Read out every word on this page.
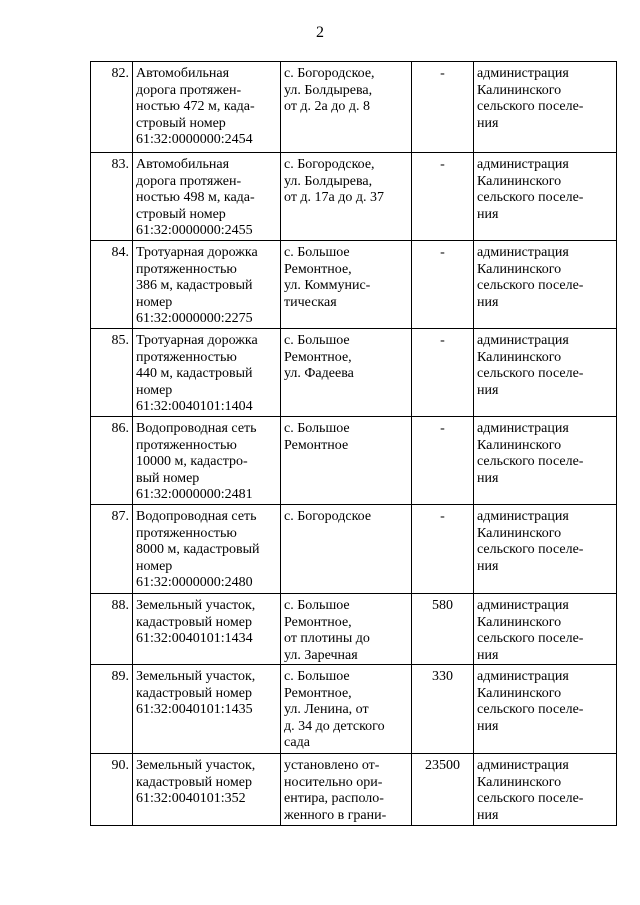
2
82.	Автомобильная
дорога протяжен-
ностью 472 м, када-
стровый номер
61:32:0000000:2454	с. Богородское,
ул. Болдырева,
от д. 2а до д. 8	-	администрация
Калининского
сельского поселе-
ния
83.	Автомобильная
дорога протяжен-
ностью 498 м, када-
стровый номер
61:32:0000000:2455	с. Богородское,
ул. Болдырева,
от д. 17а до д. 37	-	администрация
Калининского
сельского поселе-
ния
84.	Тротуарная дорожка
протяженностью
386 м, кадастровый
номер
61:32:0000000:2275	с. Большое
Ремонтное,
ул. Коммунис-
тическая	-	администрация
Калининского
сельского поселе-
ния
85.	Тротуарная дорожка
протяженностью
440 м, кадастровый
номер
61:32:0040101:1404	с. Большое
Ремонтное,
ул. Фадеева	-	администрация
Калининского
сельского поселе-
ния
86.	Водопроводная сеть
протяженностью
10000 м, кадастро-
вый номер
61:32:0000000:2481	с. Большое
Ремонтное	-	администрация
Калининского
сельского поселе-
ния
87.	Водопроводная сеть
протяженностью
8000 м, кадастровый
номер
61:32:0000000:2480	с. Богородское	-	администрация
Калининского
сельского поселе-
ния
88.	Земельный участок,
кадастровый номер
61:32:0040101:1434	с. Большое
Ремонтное,
от плотины до
ул. Заречная	580	администрация
Калининского
сельского поселе-
ния
89.	Земельный участок,
кадастровый номер
61:32:0040101:1435	с. Большое
Ремонтное,
ул. Ленина, от
д. 34 до детского
сада	330	администрация
Калининского
сельского поселе-
ния
90.	Земельный участок,
кадастровый номер
61:32:0040101:352	установлено от-
носительно ори-
ентира, располо-
женного в грани-	23500	администрация
Калининского
сельского поселе-
ния
